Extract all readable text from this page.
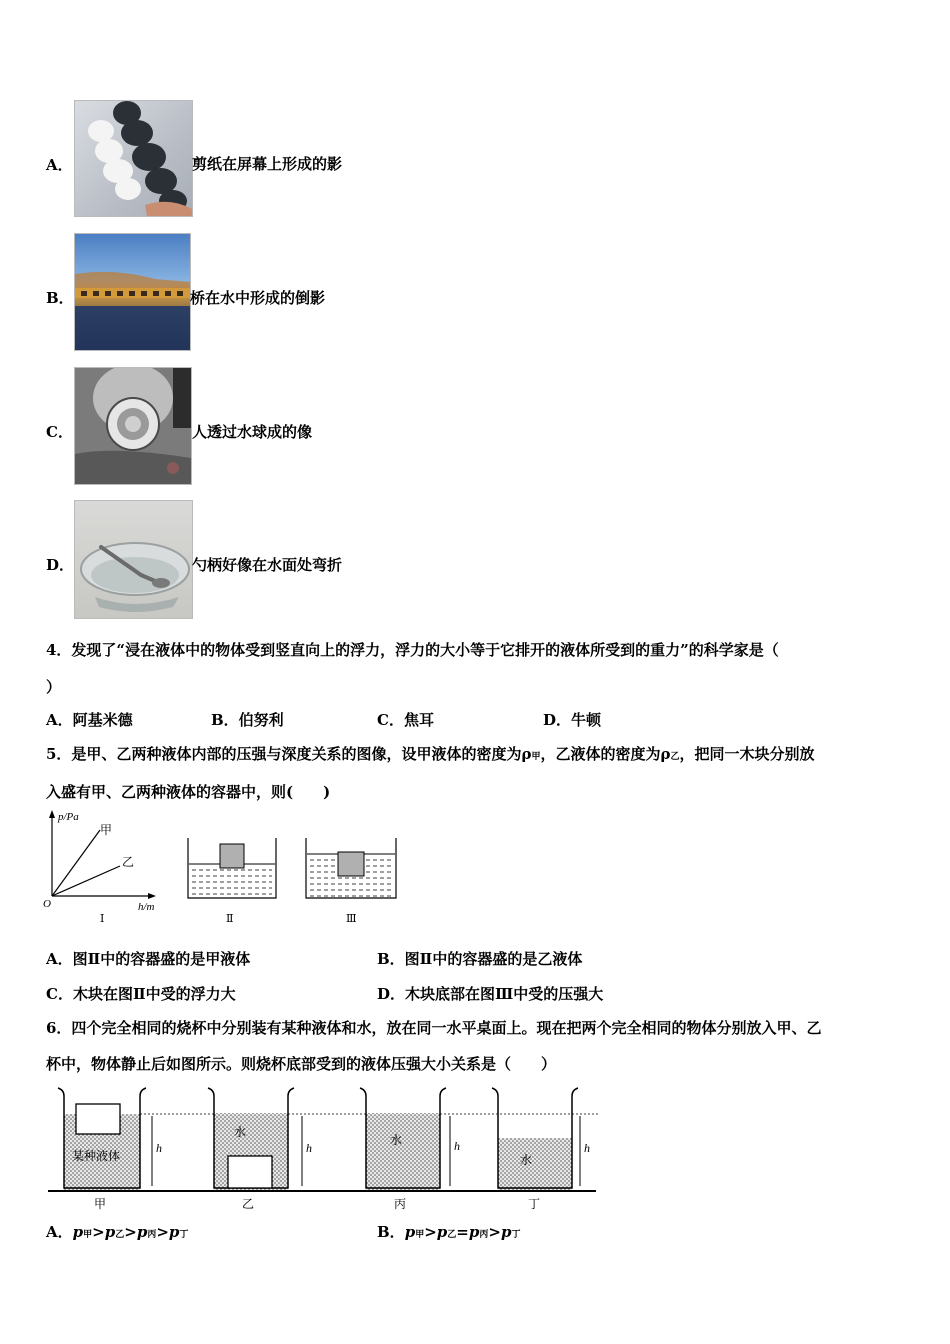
A．	剪纸在屏幕上形成的影
B．	桥在水中形成的倒影
C．	人透过水球成的像
D．	勺柄好像在水面处弯折
4．发现了“浸在液体中的物体受到竖直向上的浮力，浮力的大小等于它排开的液体所受到的重力”的科学家是（
）
A．阿基米德	B．伯努利	C．焦耳	D．牛顿
5．是甲、乙两种液体内部的压强与深度关系的图像，设甲液体的密度为ρ甲，乙液体的密度为ρ乙，把同一木块分别放
入盛有甲、乙两种液体的容器中，则(　　)
p/Pa
h/m
O
甲
乙
Ⅰ	Ⅱ	Ⅲ
A．图Ⅱ中的容器盛的是甲液体	B．图Ⅱ中的容器盛的是乙液体
C．木块在图Ⅱ中受的浮力大	D．木块底部在图Ⅲ中受的压强大
6．四个完全相同的烧杯中分别装有某种液体和水，放在同一水平桌面上。现在把两个完全相同的物体分别放入甲、乙
杯中，物体静止后如图所示。则烧杯底部受到的液体压强大小关系是（　　）
某种液体
h
甲
水
h
乙
水	h
丙
水
h
丁
A．p甲>p乙>p丙>p丁	B．p甲>p乙=p丙>p丁
